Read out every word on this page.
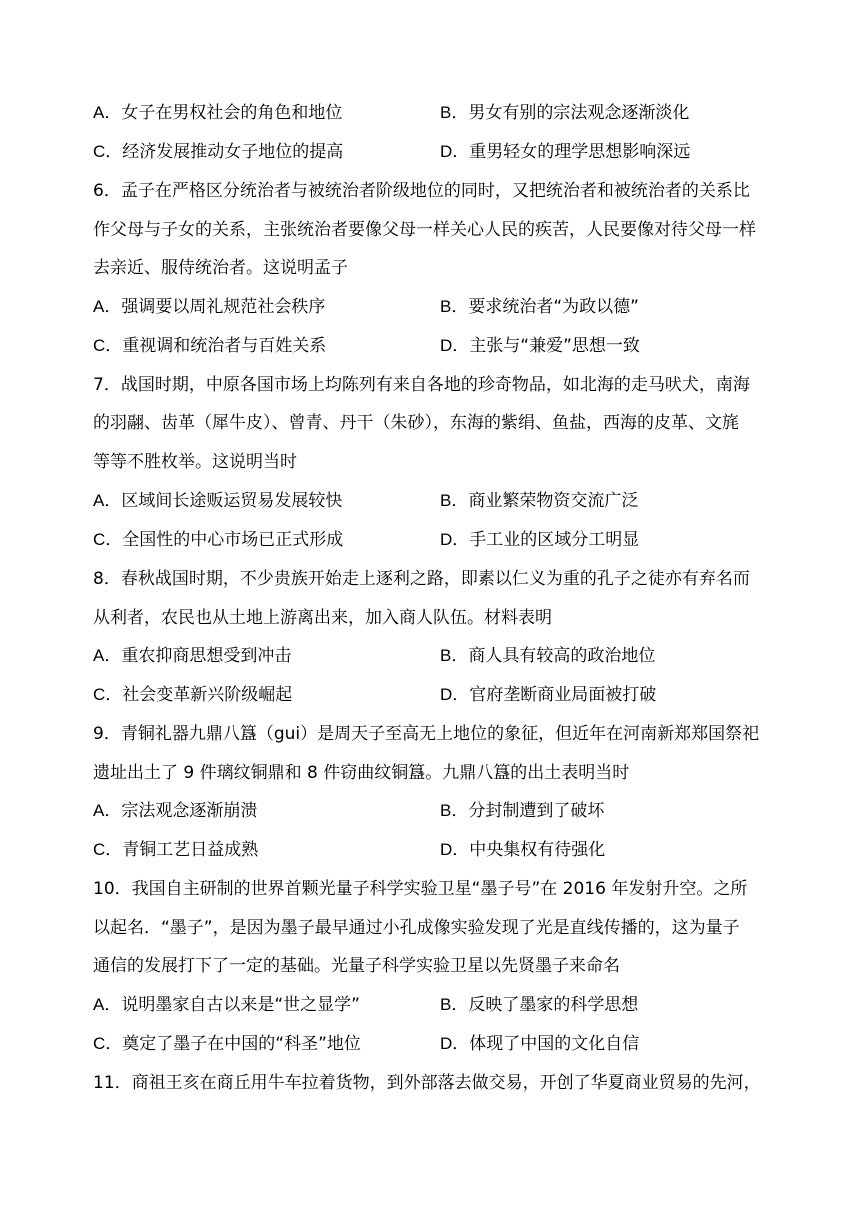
A．女子在男权社会的角色和地位	B．男女有别的宗法观念逐渐淡化
C．经济发展推动女子地位的提高	D．重男轻女的理学思想影响深远
6．孟子在严格区分统治者与被统治者阶级地位的同时，又把统治者和被统治者的关系比
作父母与子女的关系，主张统治者要像父母一样关心人民的疾苦，人民要像对待父母一样
去亲近、服侍统治者。这说明孟子
A．强调要以周礼规范社会秩序	B．要求统治者“为政以德”
C．重视调和统治者与百姓关系	D．主张与“兼爱”思想一致
7．战国时期，中原各国市场上均陈列有来自各地的珍奇物品，如北海的走马吠犬，南海
的羽翮、齿革（犀牛皮）、曾青、丹干（朱砂），东海的紫绢、鱼盐，西海的皮革、文旄
等等不胜枚举。这说明当时
A．区域间长途贩运贸易发展较快	B．商业繁荣物资交流广泛
C．全国性的中心市场已正式形成	D．手工业的区域分工明显
8．春秋战国时期，不少贵族开始走上逐利之路，即素以仁义为重的孔子之徒亦有弃名而
从利者，农民也从土地上游离出来，加入商人队伍。材料表明
A．重农抑商思想受到冲击	B．商人具有较高的政治地位
C．社会变革新兴阶级崛起	D．官府垄断商业局面被打破
9．青铜礼器九鼎八簋（gui）是周天子至高无上地位的象征，但近年在河南新郑郑国祭祀
遗址出土了 9 件璃纹铜鼎和 8 件窃曲纹铜簋。九鼎八簋的出土表明当时
A．宗法观念逐渐崩溃	B．分封制遭到了破坏
C．青铜工艺日益成熟	D．中央集权有待强化
10．我国自主研制的世界首颗光量子科学实验卫星“墨子号”在 2016 年发射升空。之所
以起名．“墨子”，是因为墨子最早通过小孔成像实验发现了光是直线传播的，这为量子
通信的发展打下了一定的基础。光量子科学实验卫星以先贤墨子来命名
A．说明墨家自古以来是“世之显学”	B．反映了墨家的科学思想
C．奠定了墨子在中国的“科圣”地位	D．体现了中国的文化自信
11．商祖王亥在商丘用牛车拉着货物，到外部落去做交易，开创了华夏商业贸易的先河，
